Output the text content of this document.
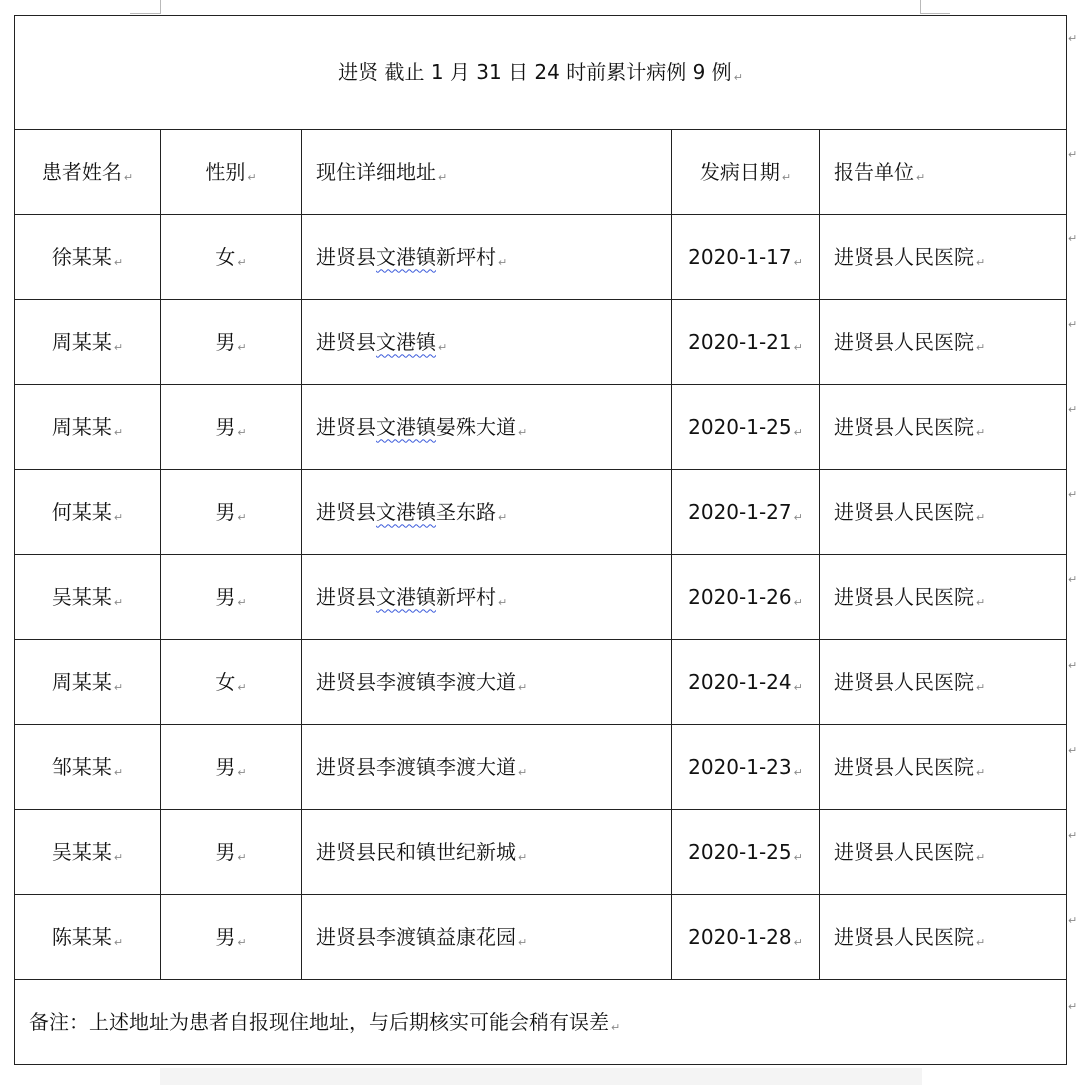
进贤 截止 1 月 31 日 24 时前累计病例 9 例 ↵				
患者姓名 ↵	性别 ↵	现住详细地址 ↵	发病日期 ↵	报告单位 ↵
徐某某 ↵	女 ↵	进贤县文港镇新坪村 ↵	2020-1-17 ↵	进贤县人民医院 ↵
周某某 ↵	男 ↵	进贤县文港镇 ↵	2020-1-21 ↵	进贤县人民医院 ↵
周某某 ↵	男 ↵	进贤县文港镇晏殊大道 ↵	2020-1-25 ↵	进贤县人民医院 ↵
何某某 ↵	男 ↵	进贤县文港镇圣东路 ↵	2020-1-27 ↵	进贤县人民医院 ↵
吴某某 ↵	男 ↵	进贤县文港镇新坪村 ↵	2020-1-26 ↵	进贤县人民医院 ↵
周某某 ↵	女 ↵	进贤县李渡镇李渡大道 ↵	2020-1-24 ↵	进贤县人民医院 ↵
邹某某 ↵	男 ↵	进贤县李渡镇李渡大道 ↵	2020-1-23 ↵	进贤县人民医院 ↵
吴某某 ↵	男 ↵	进贤县民和镇世纪新城 ↵	2020-1-25 ↵	进贤县人民医院 ↵
陈某某 ↵	男 ↵	进贤县李渡镇益康花园 ↵	2020-1-28 ↵	进贤县人民医院 ↵
备注：上述地址为患者自报现住地址，与后期核实可能会稍有误差 ↵				
↵
↵
↵
↵
↵
↵
↵
↵
↵
↵
↵
↵
